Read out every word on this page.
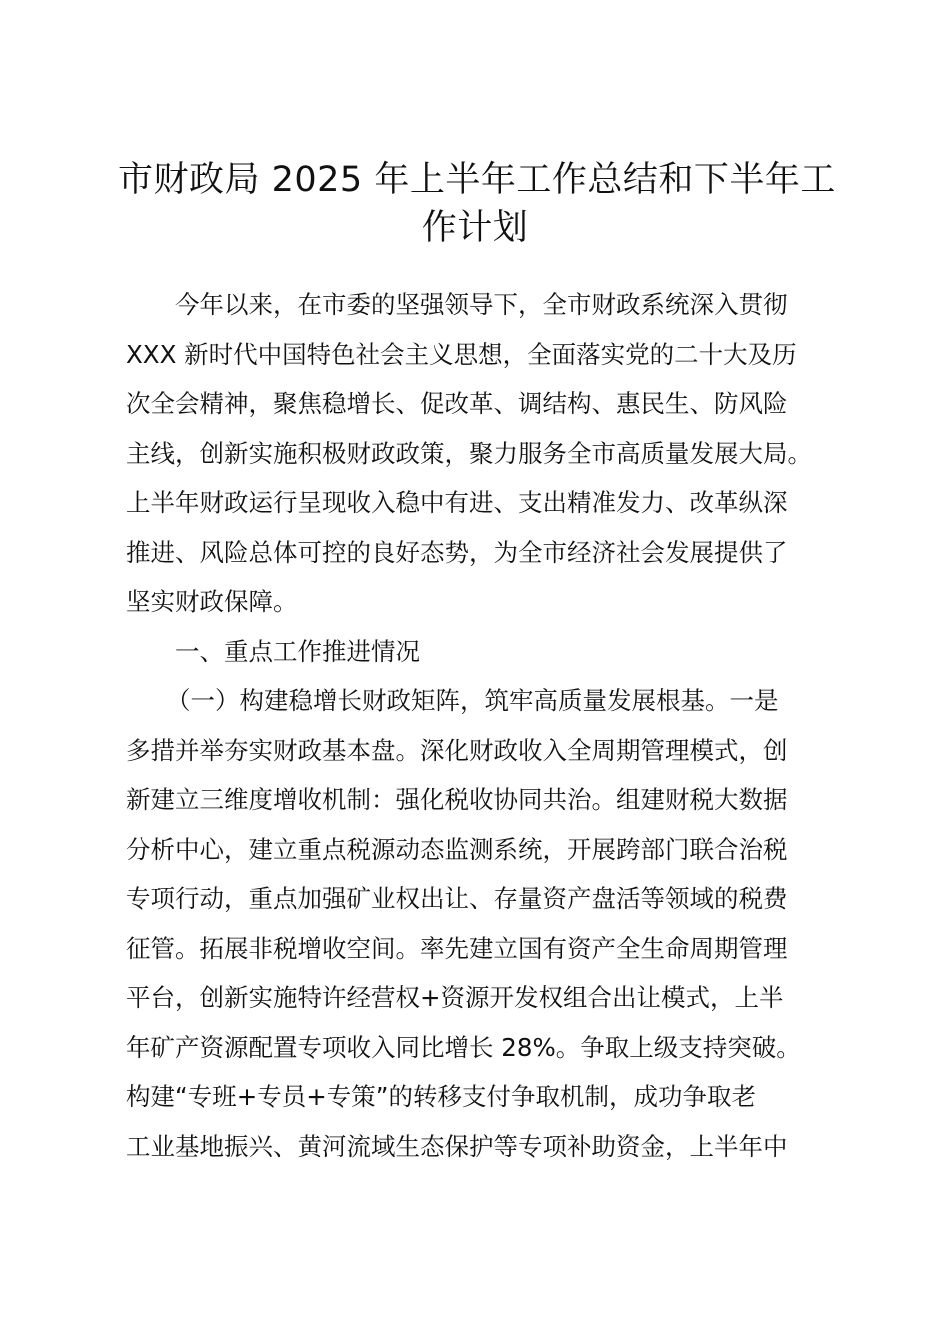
市财政局 2025 年上半年工作总结和下半年工
作计划
今年以来，在市委的坚强领导下，全市财政系统深入贯彻
XXX 新时代中国特色社会主义思想，全面落实党的二十大及历
次全会精神，聚焦稳增长、促改革、调结构、惠民生、防风险
主线，创新实施积极财政政策，聚力服务全市高质量发展大局。
上半年财政运行呈现收入稳中有进、支出精准发力、改革纵深
推进、风险总体可控的良好态势，为全市经济社会发展提供了
坚实财政保障。
一、重点工作推进情况
（一）构建稳增长财政矩阵，筑牢高质量发展根基。一是
多措并举夯实财政基本盘。深化财政收入全周期管理模式，创
新建立三维度增收机制：强化税收协同共治。组建财税大数据
分析中心，建立重点税源动态监测系统，开展跨部门联合治税
专项行动，重点加强矿业权出让、存量资产盘活等领域的税费
征管。拓展非税增收空间。率先建立国有资产全生命周期管理
平台，创新实施特许经营权+资源开发权组合出让模式，上半
年矿产资源配置专项收入同比增长 28%。争取上级支持突破。
构建“专班+专员+专策”的转移支付争取机制，成功争取老
工业基地振兴、黄河流域生态保护等专项补助资金，上半年中
